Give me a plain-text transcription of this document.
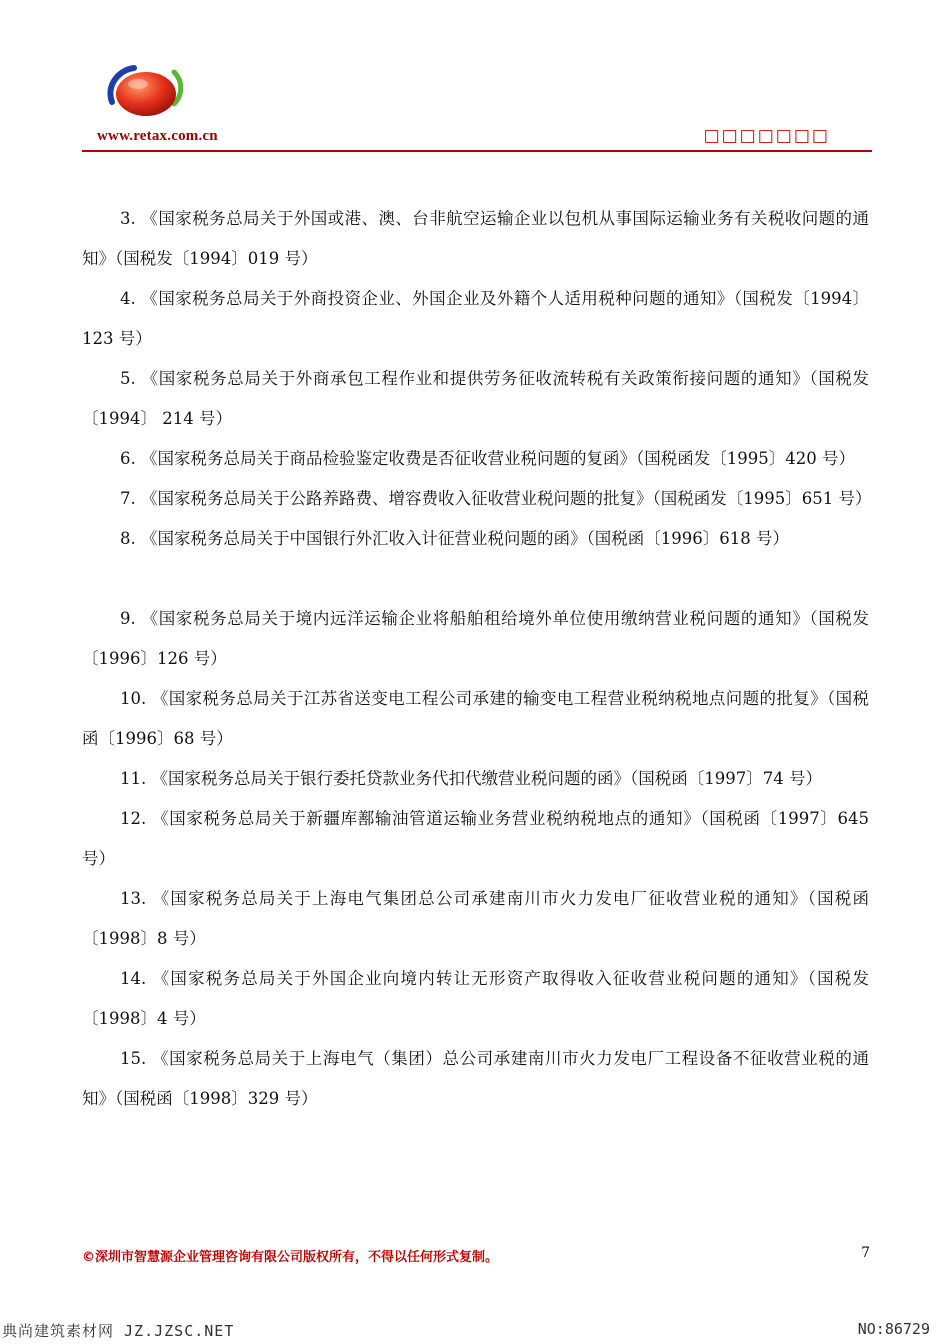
www.retax.com.cn	□□□□□□□

3. 《国家税务总局关于外国或港、澳、台非航空运输企业以包机从事国际运输业务有关税收问题的通知》（国税发〔1994〕019 号）

4. 《国家税务总局关于外商投资企业、外国企业及外籍个人适用税种问题的通知》（国税发〔1994〕123 号）

5. 《国家税务总局关于外商承包工程作业和提供劳务征收流转税有关政策衔接问题的通知》（国税发〔1994〕 214 号）

6. 《国家税务总局关于商品检验鉴定收费是否征收营业税问题的复函》（国税函发〔1995〕420 号）

7. 《国家税务总局关于公路养路费、增容费收入征收营业税问题的批复》（国税函发〔1995〕651 号）

8. 《国家税务总局关于中国银行外汇收入计征营业税问题的函》（国税函〔1996〕618 号）

9. 《国家税务总局关于境内远洋运输企业将船舶租给境外单位使用缴纳营业税问题的通知》（国税发〔1996〕126 号）

10. 《国家税务总局关于江苏省送变电工程公司承建的输变电工程营业税纳税地点问题的批复》（国税函〔1996〕68 号）

11. 《国家税务总局关于银行委托贷款业务代扣代缴营业税问题的函》（国税函〔1997〕74 号）

12. 《国家税务总局关于新疆库鄯输油管道运输业务营业税纳税地点的通知》（国税函〔1997〕645 号）

13. 《国家税务总局关于上海电气集团总公司承建南川市火力发电厂征收营业税的通知》（国税函〔1998〕8 号）

14. 《国家税务总局关于外国企业向境内转让无形资产取得收入征收营业税问题的通知》（国税发〔1998〕4 号）

15. 《国家税务总局关于上海电气（集团）总公司承建南川市火力发电厂工程设备不征收营业税的通知》（国税函〔1998〕329 号）

©深圳市智慧源企业管理咨询有限公司版权所有，不得以任何形式复制。	7
典尚建筑素材网 JZ.JZSC.NET	NO:86729
